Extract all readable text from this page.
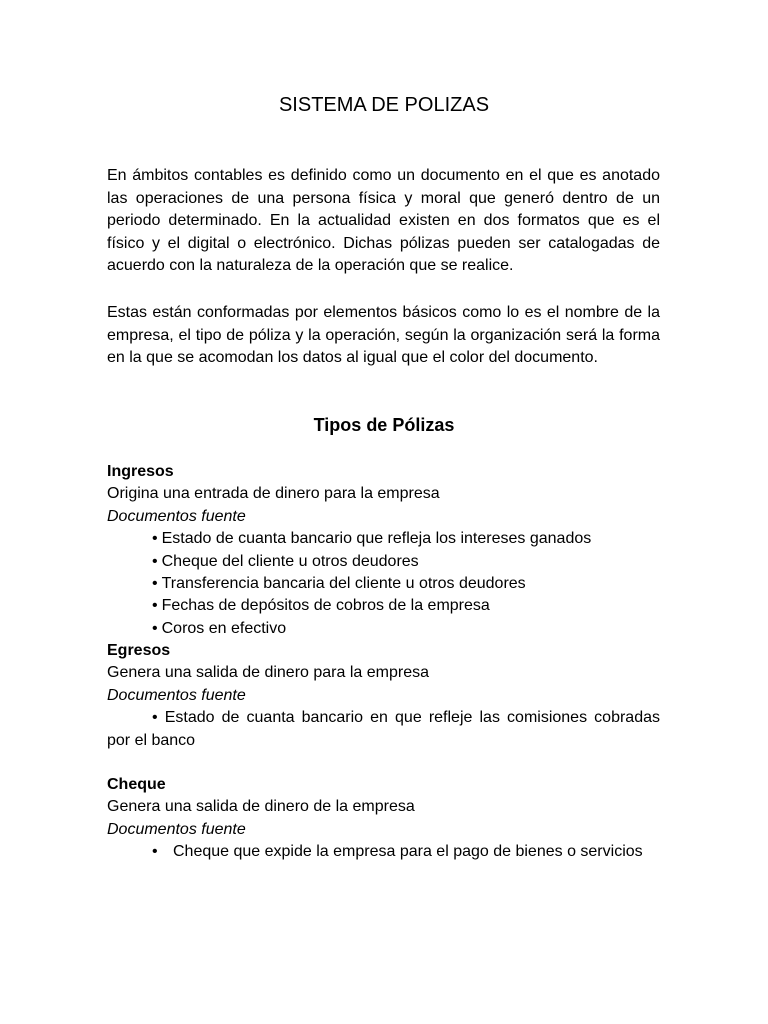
SISTEMA DE POLIZAS

En ámbitos contables es definido como un documento en el que es anotado las operaciones de una persona física y moral que generó dentro de un periodo determinado. En la actualidad existen en dos formatos que es el físico y el digital o electrónico. Dichas pólizas pueden ser catalogadas de acuerdo con la naturaleza de la operación que se realice.

Estas están conformadas por elementos básicos como lo es el nombre de la empresa, el tipo de póliza y la operación, según la organización será la forma en la que se acomodan los datos al igual que el color del documento.

Tipos de Pólizas

Ingresos

Origina una entrada de dinero para la empresa

Documentos fuente

• Estado de cuanta bancario que refleja los intereses ganados
• Cheque del cliente u otros deudores
• Transferencia bancaria del cliente u otros deudores
• Fechas de depósitos de cobros de la empresa
• Coros en efectivo

Egresos

Genera una salida de dinero para la empresa

Documentos fuente

• Estado de cuanta bancario en que refleje las comisiones cobradas por el banco

Cheque

Genera una salida de dinero de la empresa

Documentos fuente

• Cheque que expide la empresa para el pago de bienes o servicios
